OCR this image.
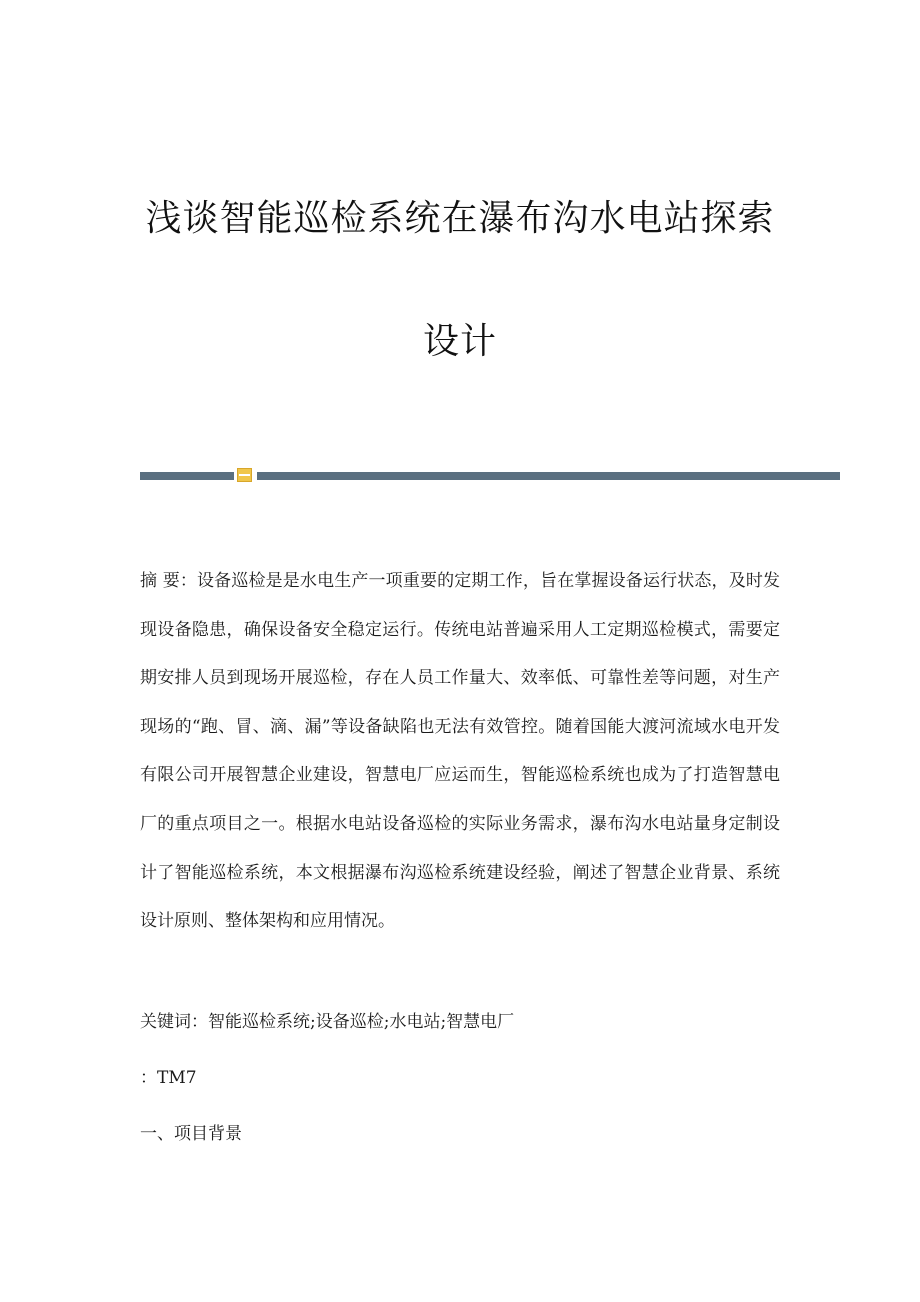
浅谈智能巡检系统在瀑布沟水电站探索
设计
摘 要：设备巡检是是水电生产一项重要的定期工作，旨在掌握设备运行状态，及时发现设备隐患，确保设备安全稳定运行。传统电站普遍采用人工定期巡检模式，需要定期安排人员到现场开展巡检，存在人员工作量大、效率低、可靠性差等问题，对生产现场的“跑、冒、滴、漏”等设备缺陷也无法有效管控。随着国能大渡河流域水电开发有限公司开展智慧企业建设，智慧电厂应运而生，智能巡检系统也成为了打造智慧电厂的重点项目之一。根据水电站设备巡检的实际业务需求，瀑布沟水电站量身定制设计了智能巡检系统，本文根据瀑布沟巡检系统建设经验，阐述了智慧企业背景、系统设计原则、整体架构和应用情况。
关键词：智能巡检系统;设备巡检;水电站;智慧电厂
：TM7
一、项目背景
